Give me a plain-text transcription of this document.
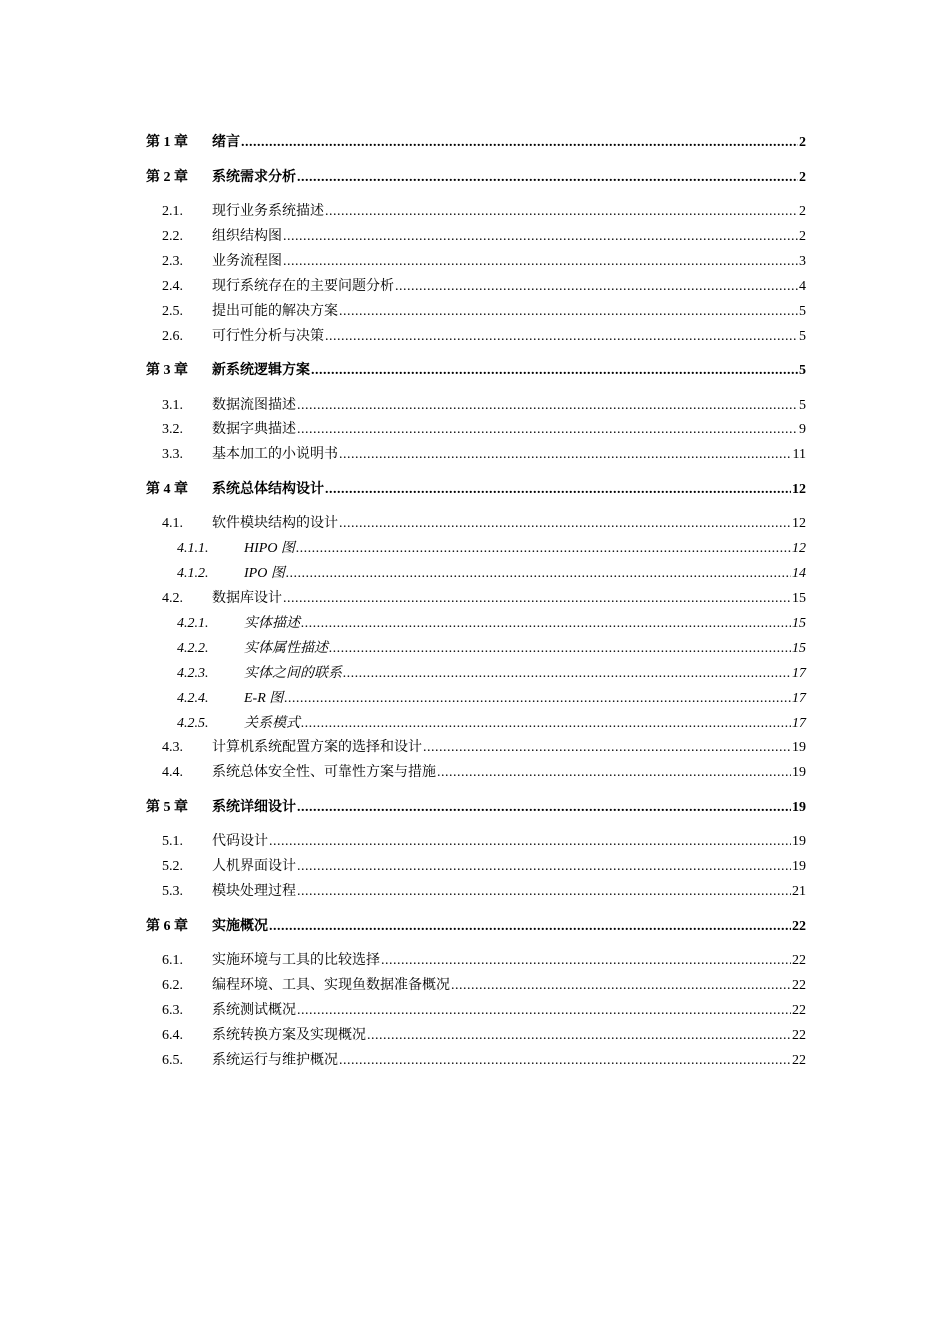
第 1 章	绪言 .....	2
第 2 章	系统需求分析 .....	2
2.1.	现行业务系统描述 .....	2
2.2.	组织结构图 .....	2
2.3.	业务流程图 .....	3
2.4.	现行系统存在的主要问题分析 .....	4
2.5.	提出可能的解决方案 .....	5
2.6.	可行性分析与决策 .....	5
第 3 章	新系统逻辑方案 .....	5
3.1.	数据流图描述 .....	5
3.2.	数据字典描述 .....	9
3.3.	基本加工的小说明书 .....	11
第 4 章	系统总体结构设计 .....	12
4.1.	软件模块结构的设计 .....	12
4.1.1.	HIPO 图 .....	12
4.1.2.	IPO 图 .....	14
4.2.	数据库设计 .....	15
4.2.1.	实体描述 .....	15
4.2.2.	实体属性描述 .....	15
4.2.3.	实体之间的联系 .....	17
4.2.4.	E-R 图 .....	17
4.2.5.	关系模式 .....	17
4.3.	计算机系统配置方案的选择和设计 .....	19
4.4.	系统总体安全性、可靠性方案与措施 .....	19
第 5 章	系统详细设计 .....	19
5.1.	代码设计 .....	19
5.2.	人机界面设计 .....	19
5.3.	模块处理过程 .....	21
第 6 章	实施概况 .....	22
6.1.	实施环境与工具的比较选择 .....	22
6.2.	编程环境、工具、实现鱼数据准备概况 .....	22
6.3.	系统测试概况 .....	22
6.4.	系统转换方案及实现概况 .....	22
6.5.	系统运行与维护概况 .....	22
